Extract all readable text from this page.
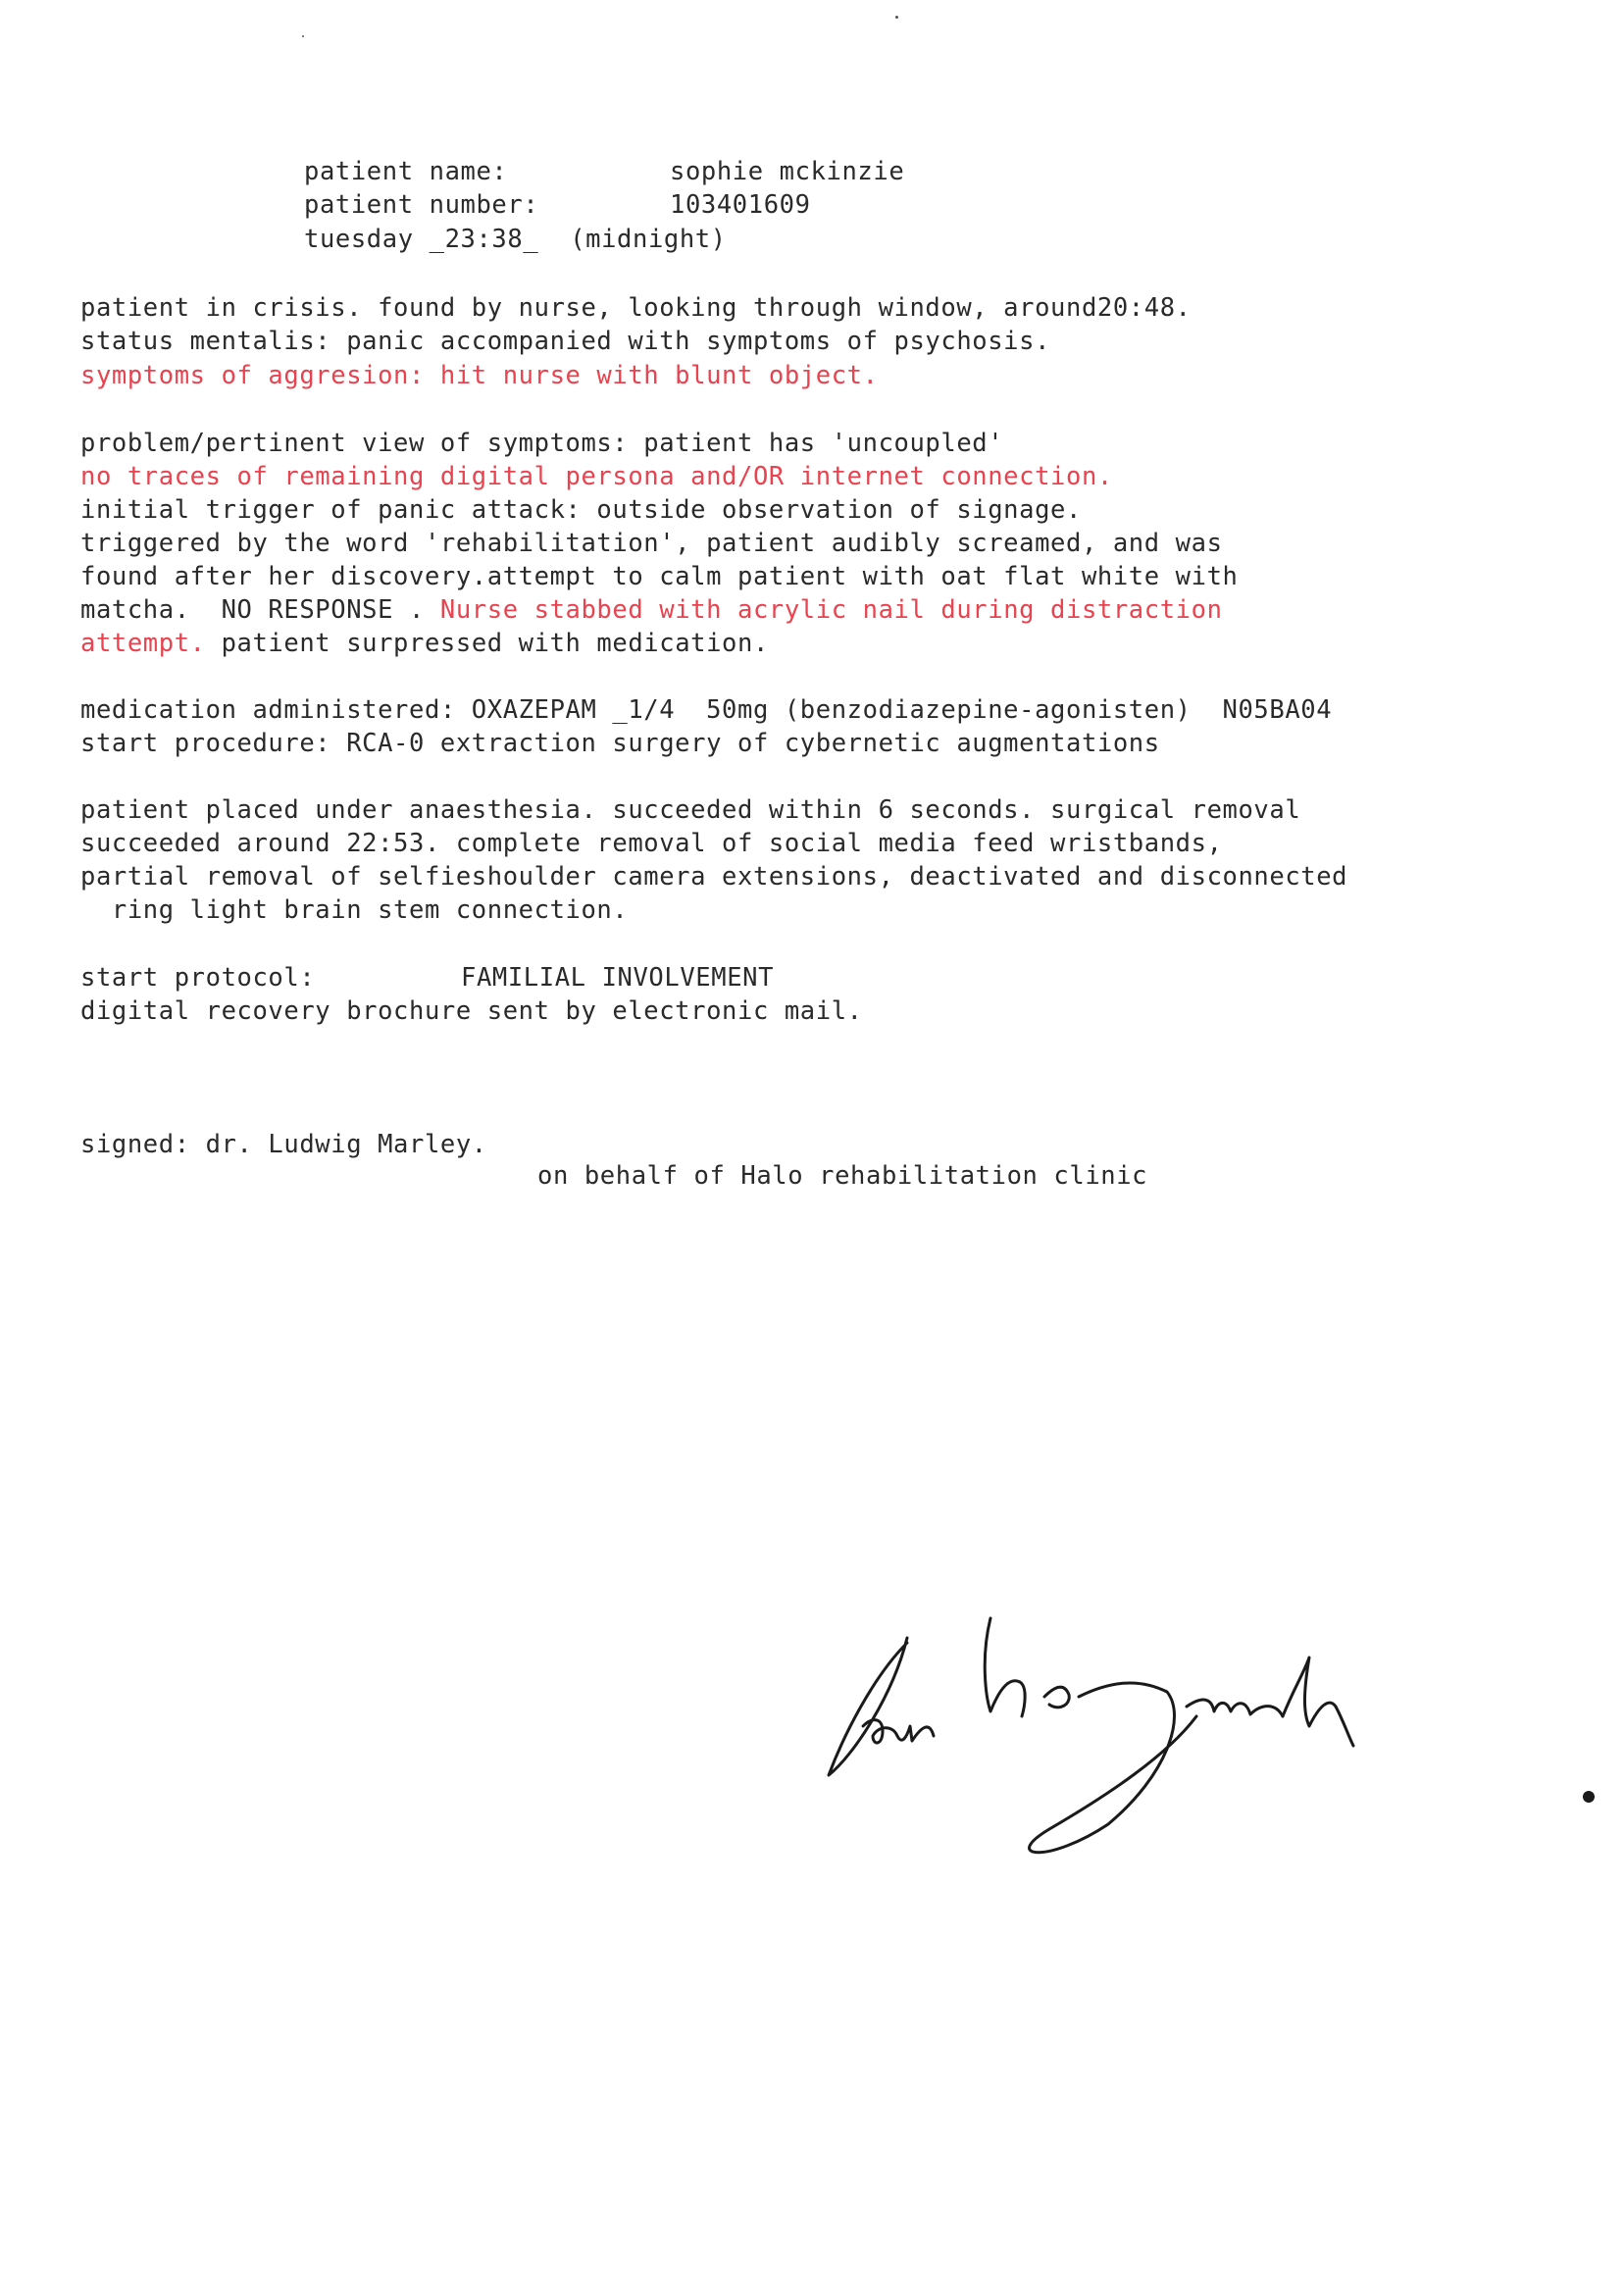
patient name:	sophie mckinzie
patient number:	103401609
tuesday _23:38_  (midnight)
patient in crisis. found by nurse, looking through window, around20:48.
status mentalis: panic accompanied with symptoms of psychosis.
symptoms of aggresion: hit nurse with blunt object.
problem/pertinent view of symptoms: patient has 'uncoupled'
no traces of remaining digital persona and/OR internet connection.
initial trigger of panic attack: outside observation of signage.
triggered by the word 'rehabilitation', patient audibly screamed, and was
found after her discovery.attempt to calm patient with oat flat white with
matcha.  NO RESPONSE . Nurse stabbed with acrylic nail during distraction
attempt. patient surpressed with medication.
medication administered: OXAZEPAM _1/4  50mg (benzodiazepine-agonisten)  N05BA04
start procedure: RCA-0 extraction surgery of cybernetic augmentations
patient placed under anaesthesia. succeeded within 6 seconds. surgical removal
succeeded around 22:53. complete removal of social media feed wristbands,
partial removal of selfieshoulder camera extensions, deactivated and disconnected
ring light brain stem connection.
start protocol:	FAMILIAL INVOLVEMENT
digital recovery brochure sent by electronic mail.
signed: dr. Ludwig Marley.
on behalf of Halo rehabilitation clinic
